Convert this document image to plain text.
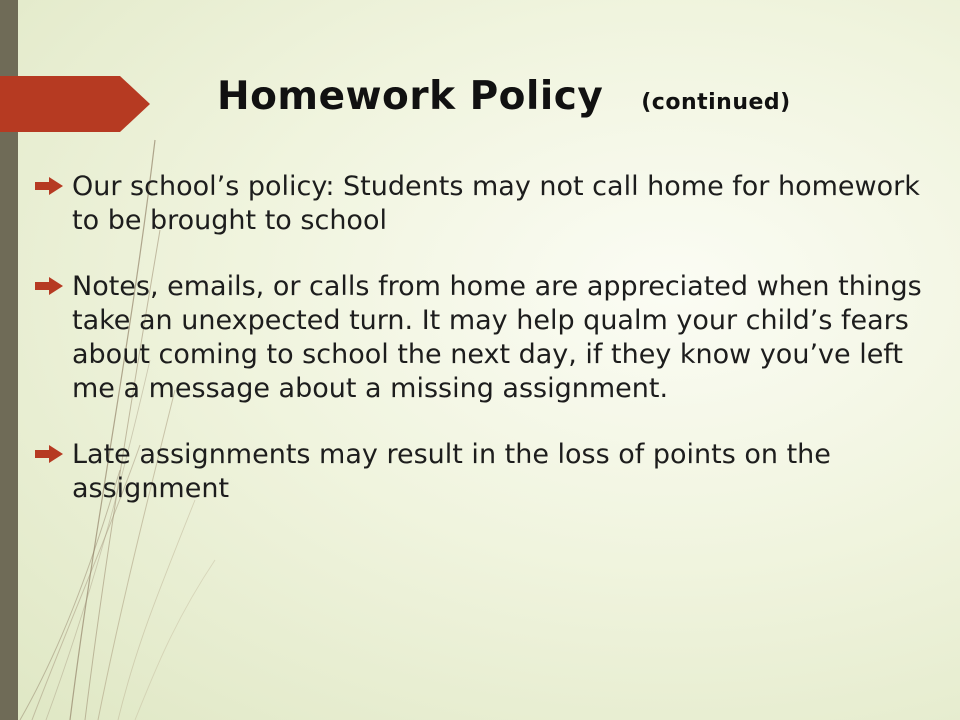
Homework Policy (continued)
Our school’s policy: Students may not call home for homework to be brought to school
Notes, emails, or calls from home are appreciated when things take an unexpected turn. It may help qualm your child’s fears about coming to school the next day, if they know you’ve left me a message about a missing assignment.
Late assignments may result in the loss of points on the assignment
